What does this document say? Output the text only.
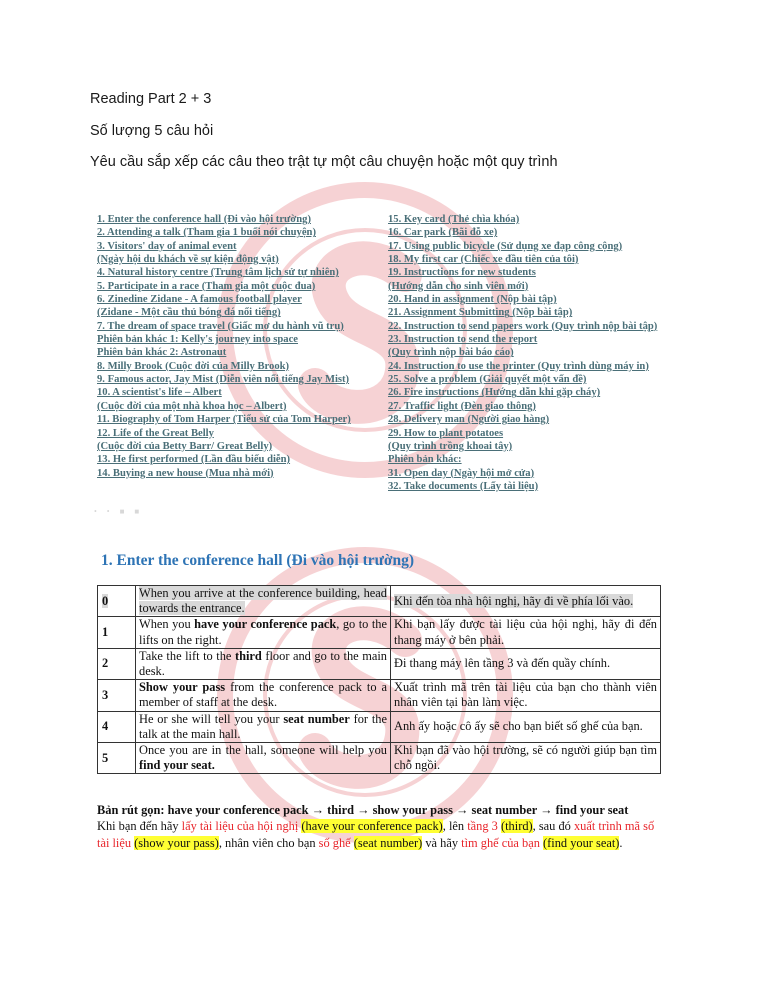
Reading Part 2 + 3
Số lượng 5 câu hỏi
Yêu cầu sắp xếp các câu theo trật tự một câu chuyện hoặc một quy trình
1. Enter the conference hall (Đi vào hội trường)
2. Attending a talk (Tham gia 1 buổi nói chuyện)
3. Visitors' day of animal event
(Ngày hội du khách về sự kiện động vật)
4. Natural history centre (Trung tâm lịch sử tự nhiên)
5. Participate in a race (Tham gia một cuộc đua)
6. Zinedine Zidane - A famous football player
(Zidane - Một cầu thủ bóng đá nổi tiếng)
7. The dream of space travel (Giấc mơ du hành vũ trụ)
Phiên bản khác 1: Kelly's journey into space
Phiên bản khác 2: Astronaut
8. Milly Brook (Cuộc đời của Milly Brook)
9. Famous actor, Jay Mist (Diễn viên nổi tiếng Jay Mist)
10. A scientist's life – Albert
(Cuộc đời của một nhà khoa học – Albert)
11. Biography of Tom Harper (Tiểu sử của Tom Harper)
12. Life of the Great Belly
(Cuộc đời của Betty Barr/ Great Belly)
13. He first performed (Lần đầu biểu diễn)
14. Buying a new house (Mua nhà mới)
15. Key card (Thẻ chìa khóa)
16. Car park (Bãi đỗ xe)
17. Using public bicycle (Sử dụng xe đạp công cộng)
18. My first car (Chiếc xe đầu tiên của tôi)
19. Instructions for new students
(Hướng dẫn cho sinh viên mới)
20. Hand in assignment (Nộp bài tập)
21. Assignment Submitting (Nộp bài tập)
22. Instruction to send papers work (Quy trình nộp bài tập)
23. Instruction to send the report
(Quy trình nộp bài báo cáo)
24. Instruction to use the printer (Quy trình dùng máy in)
25. Solve a problem (Giải quyết một vấn đề)
26. Fire instructions (Hướng dẫn khi gặp cháy)
27. Traffic light (Đèn giao thông)
28. Delivery man (Người giao hàng)
29. How to plant potatoes
(Quy trình trồng khoai tây)
Phiên bản khác:
31. Open day (Ngày hội mở cửa)
32. Take documents (Lấy tài liệu)
• • ■ ■
1. Enter the conference hall (Đi vào hội trường)
0	When you arrive at the conference building, head towards the entrance.	Khi đến tòa nhà hội nghị, hãy đi về phía lối vào.
1	When you have your conference pack, go to the lifts on the right.	Khi bạn lấy được tài liệu của hội nghị, hãy đi đến thang máy ở bên phải.
2	Take the lift to the third floor and go to the main desk.	Đi thang máy lên tầng 3 và đến quầy chính.
3	Show your pass from the conference pack to a member of staff at the desk.	Xuất trình mã trên tài liệu của bạn cho thành viên nhân viên tại bàn làm việc.
4	He or she will tell you your seat number for the talk at the main hall.	Anh ấy hoặc cô ấy sẽ cho bạn biết số ghế của bạn.
5	Once you are in the hall, someone will help you find your seat.	Khi bạn đã vào hội trường, sẽ có người giúp bạn tìm chỗ ngồi.
Bản rút gọn: have your conference pack → third → show your pass → seat number → find your seat
Khi bạn đến hãy lấy tài liệu của hội nghị (have your conference pack), lên tầng 3 (third), sau đó xuất trình mã số tài liệu (show your pass), nhân viên cho bạn số ghế (seat number) và hãy tìm ghế của bạn (find your seat).
